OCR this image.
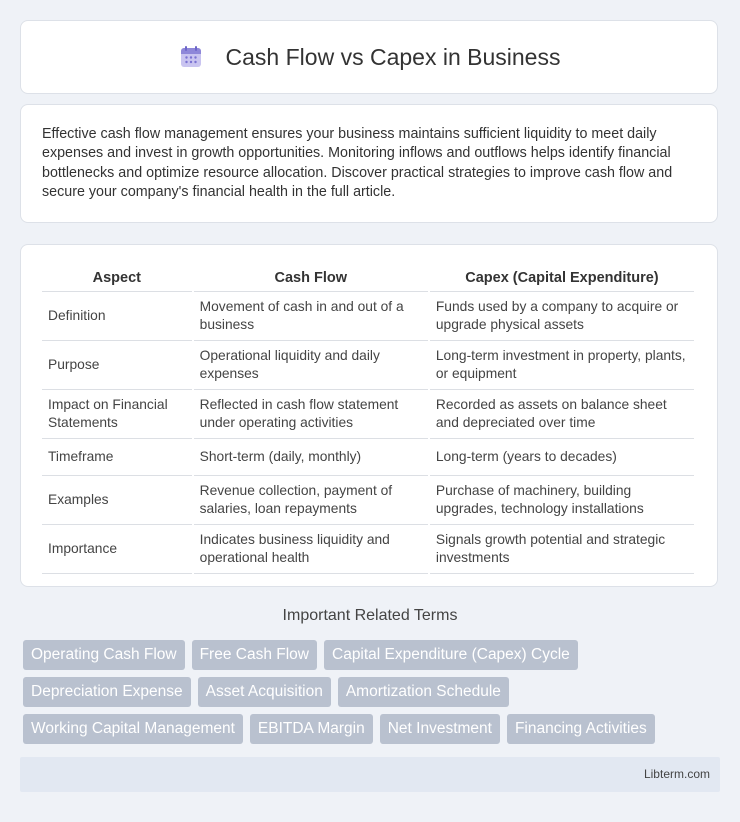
Cash Flow vs Capex in Business

Effective cash flow management ensures your business maintains sufficient liquidity to meet daily expenses and invest in growth opportunities. Monitoring inflows and outflows helps identify financial bottlenecks and optimize resource allocation. Discover practical strategies to improve cash flow and secure your company's financial health in the full article.

Aspect	Cash Flow	Capex (Capital Expenditure)
Definition	Movement of cash in and out of a business	Funds used by a company to acquire or upgrade physical assets
Purpose	Operational liquidity and daily expenses	Long-term investment in property, plants, or equipment
Impact on Financial Statements	Reflected in cash flow statement under operating activities	Recorded as assets on balance sheet and depreciated over time
Timeframe	Short-term (daily, monthly)	Long-term (years to decades)
Examples	Revenue collection, payment of salaries, loan repayments	Purchase of machinery, building upgrades, technology installations
Importance	Indicates business liquidity and operational health	Signals growth potential and strategic investments
Important Related Terms
Operating Cash Flow	Free Cash Flow	Capital Expenditure (Capex) Cycle
Depreciation Expense	Asset Acquisition	Amortization Schedule
Working Capital Management	EBITDA Margin	Net Investment	Financing Activities
Libterm.com
